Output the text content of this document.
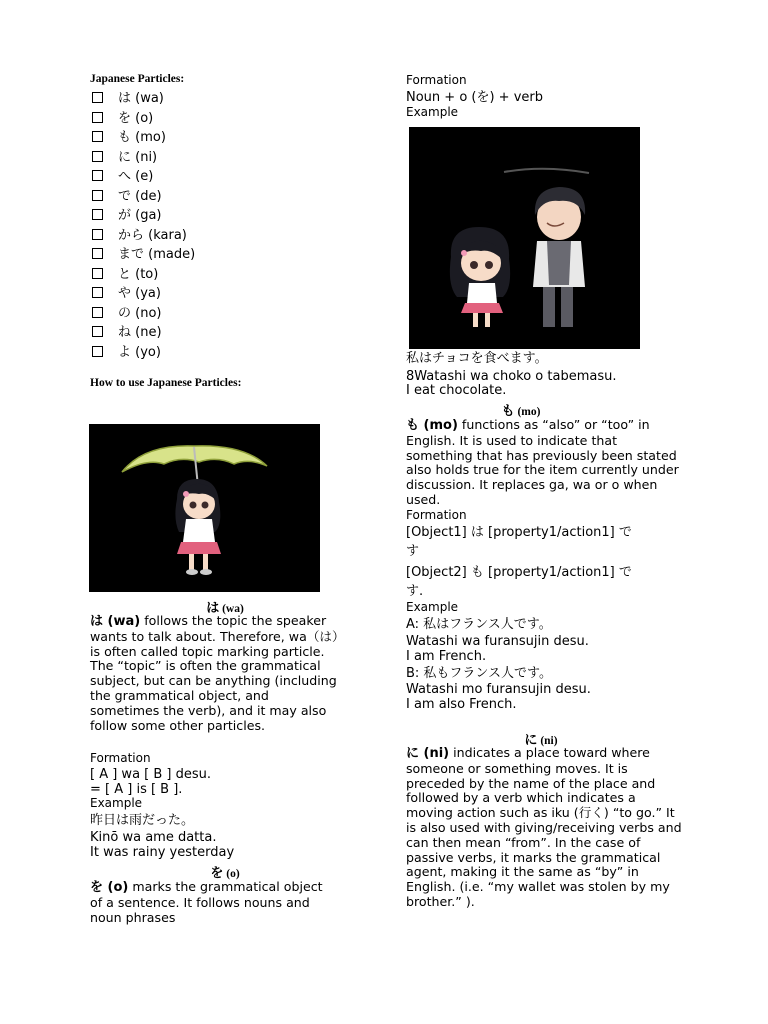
Japanese Particles:
は (wa)
を (o)
も (mo)
に (ni)
へ (e)
で (de)
が (ga)
から (kara)
まで (made)
と (to)
や (ya)
の (no)
ね (ne)
よ (yo)
How to use Japanese Particles:
は (wa)
は (wa) follows the topic the speaker wants to talk about. Therefore, wa（は）is often called topic marking particle. The “topic” is often the grammatical subject, but can be anything (including the grammatical object, and sometimes the verb), and it may also follow some other particles.
Formation
[ A ] wa [ B ] desu.
= [ A ] is [ B ].
Example
昨日は雨だった。
Kinō wa ame datta.
It was rainy yesterday
を (o)
を (o) marks the grammatical object of a sentence. It follows nouns and noun phrases
Formation
Noun + o (を) + verb
Example
私はチョコを食べます。
8Watashi wa choko o tabemasu.
I eat chocolate.
も (mo)
も (mo) functions as “also” or “too” in English. It is used to indicate that something that has previously been stated also holds true for the item currently under discussion. It replaces ga, wa or o when used.
Formation
[Object1] は [property1/action1] で
す
[Object2] も [property1/action1] で
す.
Example
A: 私はフランス人です。
Watashi wa furansujin desu.
I am French.
B: 私もフランス人です。
Watashi mo furansujin desu.
I am also French.
に (ni)
に (ni) indicates a place toward where someone or something moves. It is preceded by the name of the place and followed by a verb which indicates a moving action such as iku (行く) “to go.” It is also used with giving/receiving verbs and can then mean “from”. In the case of passive verbs, it marks the grammatical agent, making it the same as “by” in English. (i.e. “my wallet was stolen by my brother.” ).
